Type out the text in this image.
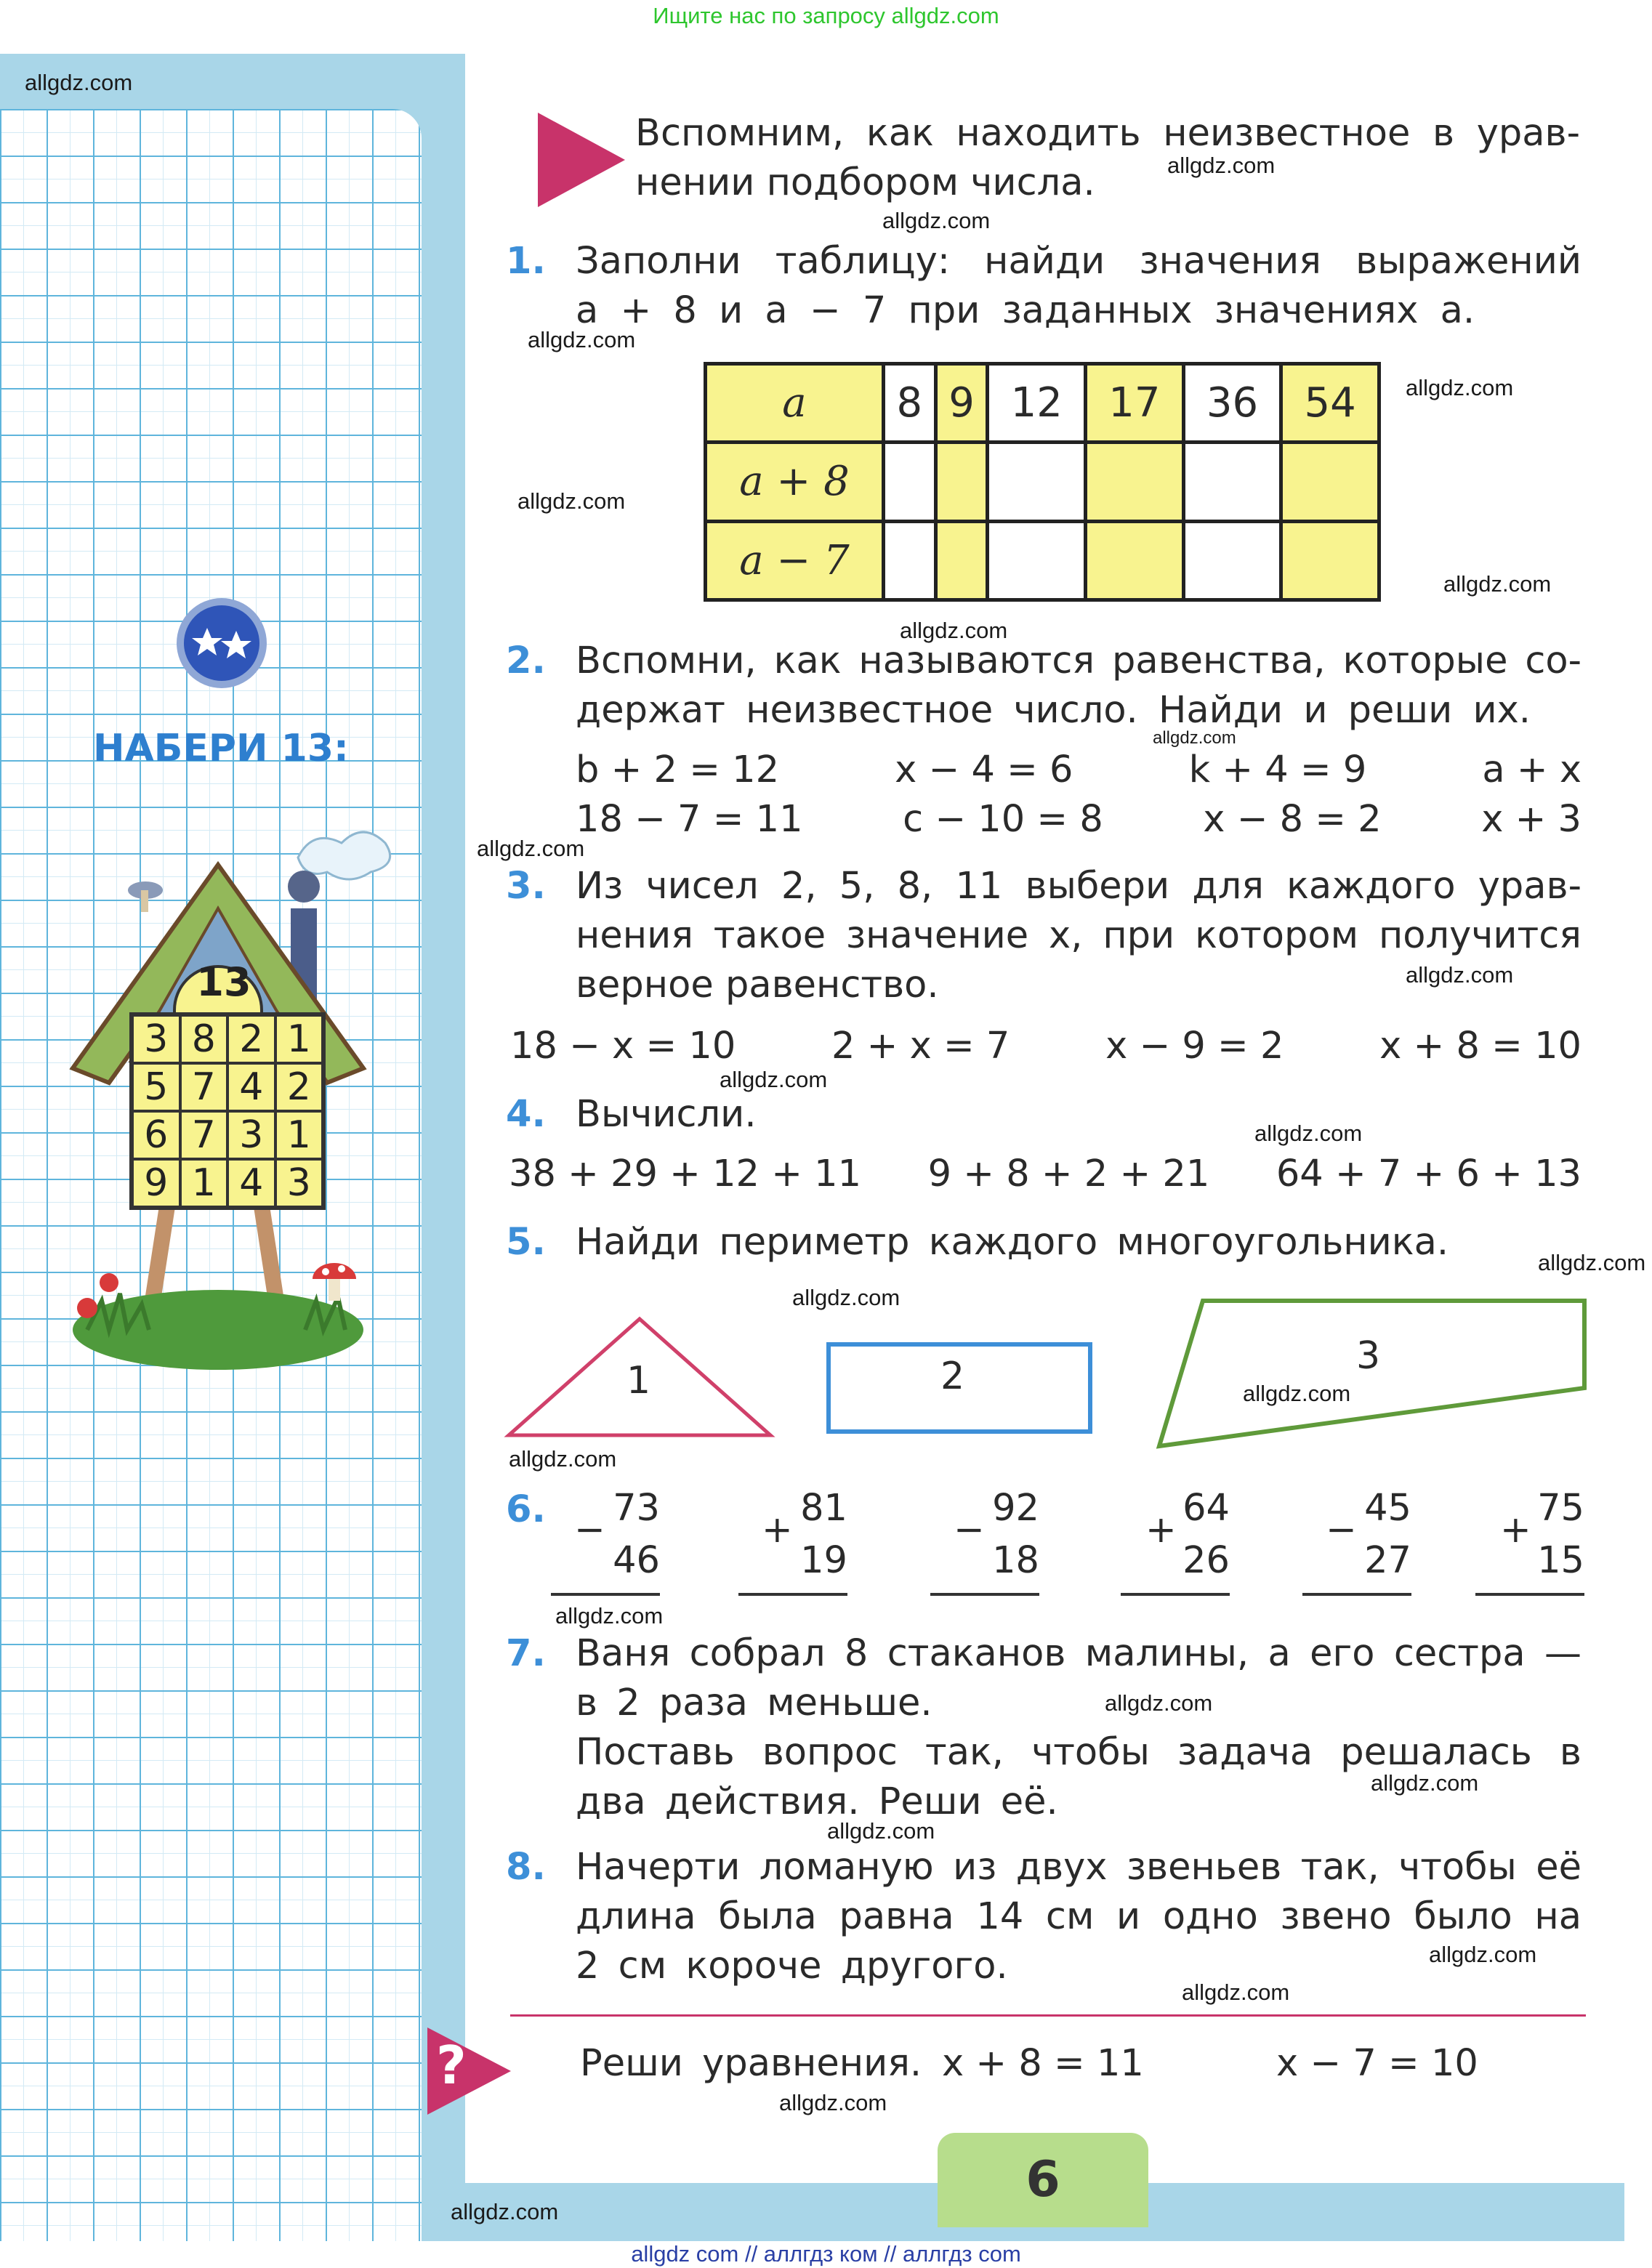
Ищите нас по запросу allgdz.com
НАБЕРИ 13:
13
3 8 2 1
5 7 4 2
6 7 3 1
9 1 4 3
Вспомним, как находить неизвестное в урав-
нении подбором числа.
1. Заполни таблицу: найди значения выражений
a + 8 и a − 7 при заданных значениях a.
a	8	9	12	17	36	54
a + 8						
a − 7						
2. Вспомни, как называются равенства, которые со-
держат неизвестное число. Найди и реши их.
b + 2 = 12	x − 4 = 6	k + 4 = 9	a + x
18 − 7 = 11	c − 10 = 8	x − 8 = 2	x + 3
3. Из чисел 2, 5, 8, 11 выбери для каждого урав-
нения такое значение x, при котором получится
верное равенство.
18 − x = 10	2 + x = 7	x − 9 = 2	x + 8 = 10
4. Вычисли.
38 + 29 + 12 + 11 9 + 8 + 2 + 21 64 + 7 + 6 + 13
5. Найди периметр каждого многоугольника.
1	2	3
6. −
73
46
+
81
19
−
92
18
+
64
26
−
45
27
+
75
15
7. Ваня собрал 8 стаканов малины, а его сестра —
в 2 раза меньше.
Поставь вопрос так, чтобы задача решалась в
два действия. Реши её.
8. Начерти ломаную из двух звеньев так, чтобы её
длина была равна 14 см и одно звено было на
2 см короче другого.
?	Реши уравнения. x + 8 = 11	x − 7 = 10
6
allgdz.com
allgdz.com
allgdz.com
allgdz.com
allgdz.com
allgdz.com
allgdz.com
allgdz.com
allgdz.com
allgdz.com
allgdz.com
allgdz.com
allgdz.com
allgdz.com
allgdz.com
allgdz.com
allgdz.com
allgdz.com
allgdz.com
allgdz.com
allgdz.com
allgdz.com
allgdz.com
allgdz.com
allgdz.com
allgdz com // аллгдз ком // аллгдз com
